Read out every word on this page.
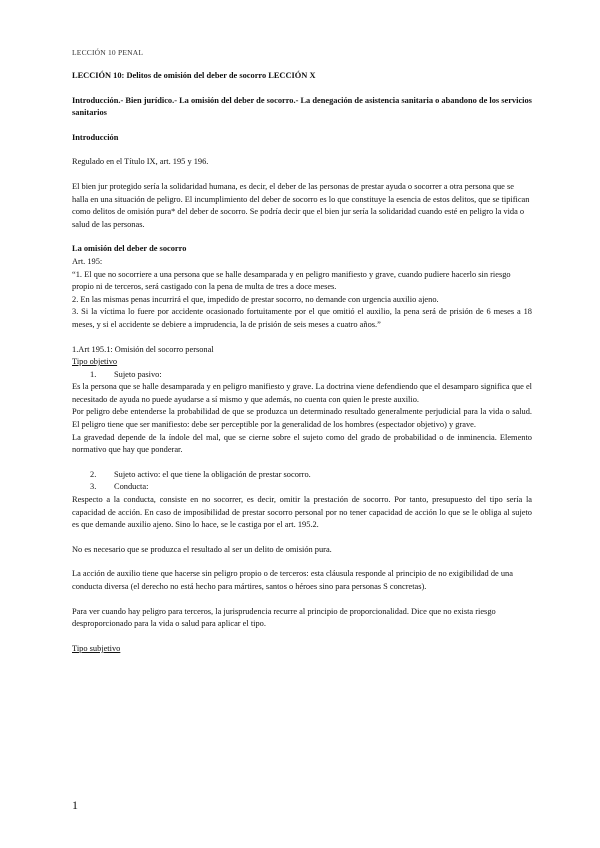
LECCIÓN 10 PENAL

LECCIÓN 10: Delitos de omisión del deber de socorro LECCIÓN X

Introducción.- Bien jurídico.- La omisión del deber de socorro.- La denegación de asistencia sanitaria o abandono de los servicios sanitarios

Introducción

Regulado en el Título IX, art. 195 y 196.

El bien jur protegido sería la solidaridad humana, es decir, el deber de las personas de prestar ayuda o socorrer a otra persona que se halla en una situación de peligro. El incumplimiento del deber de socorro es lo que constituye la esencia de estos delitos, que se tipifican como delitos de omisión pura* del deber de socorro. Se podría decir que el bien jur sería la solidaridad cuando esté en peligro la vida o salud de las personas.

La omisión del deber de socorro

Art. 195:

“1. El que no socorriere a una persona que se halle desamparada y en peligro manifiesto y grave, cuando pudiere hacerlo sin riesgo propio ni de terceros, será castigado con la pena de multa de tres a doce meses.

2. En las mismas penas incurrirá el que, impedido de prestar socorro, no demande con urgencia auxilio ajeno.

3. Si la víctima lo fuere por accidente ocasionado fortuitamente por el que omitió el auxilio, la pena será de prisión de 6 meses a 18 meses, y si el accidente se debiere a imprudencia, la de prisión de seis meses a cuatro años.”

1.Art 195.1: Omisión del socorro personal

Tipo objetivo

1.	Sujeto pasivo:

Es la persona que se halle desamparada y en peligro manifiesto y grave. La doctrina viene defendiendo que el desamparo significa que el necesitado de ayuda no puede ayudarse a sí mismo y que además, no cuenta con quien le preste auxilio.

Por peligro debe entenderse la probabilidad de que se produzca un determinado resultado generalmente perjudicial para la vida o salud. El peligro tiene que ser manifiesto: debe ser perceptible por la generalidad de los hombres (espectador objetivo) y grave.

La gravedad depende de la índole del mal, que se cierne sobre el sujeto como del grado de probabilidad o de inminencia. Elemento normativo que hay que ponderar.

2.	Sujeto activo: el que tiene la obligación de prestar socorro.
3.	Conducta:

Respecto a la conducta, consiste en no socorrer, es decir, omitir la prestación de socorro. Por tanto, presupuesto del tipo sería la capacidad de acción. En caso de imposibilidad de prestar socorro personal por no tener capacidad de acción lo que se le obliga al sujeto es que demande auxilio ajeno. Sino lo hace, se le castiga por el art. 195.2.

No es necesario que se produzca el resultado al ser un delito de omisión pura.

La acción de auxilio tiene que hacerse sin peligro propio o de terceros: esta cláusula responde al principio de no exigibilidad de una conducta diversa (el derecho no está hecho para mártires, santos o héroes sino para personas S concretas).

Para ver cuando hay peligro para terceros, la jurisprudencia recurre al principio de proporcionalidad. Dice que no exista riesgo desproporcionado para la vida o salud para aplicar el tipo.

Tipo subjetivo

1
